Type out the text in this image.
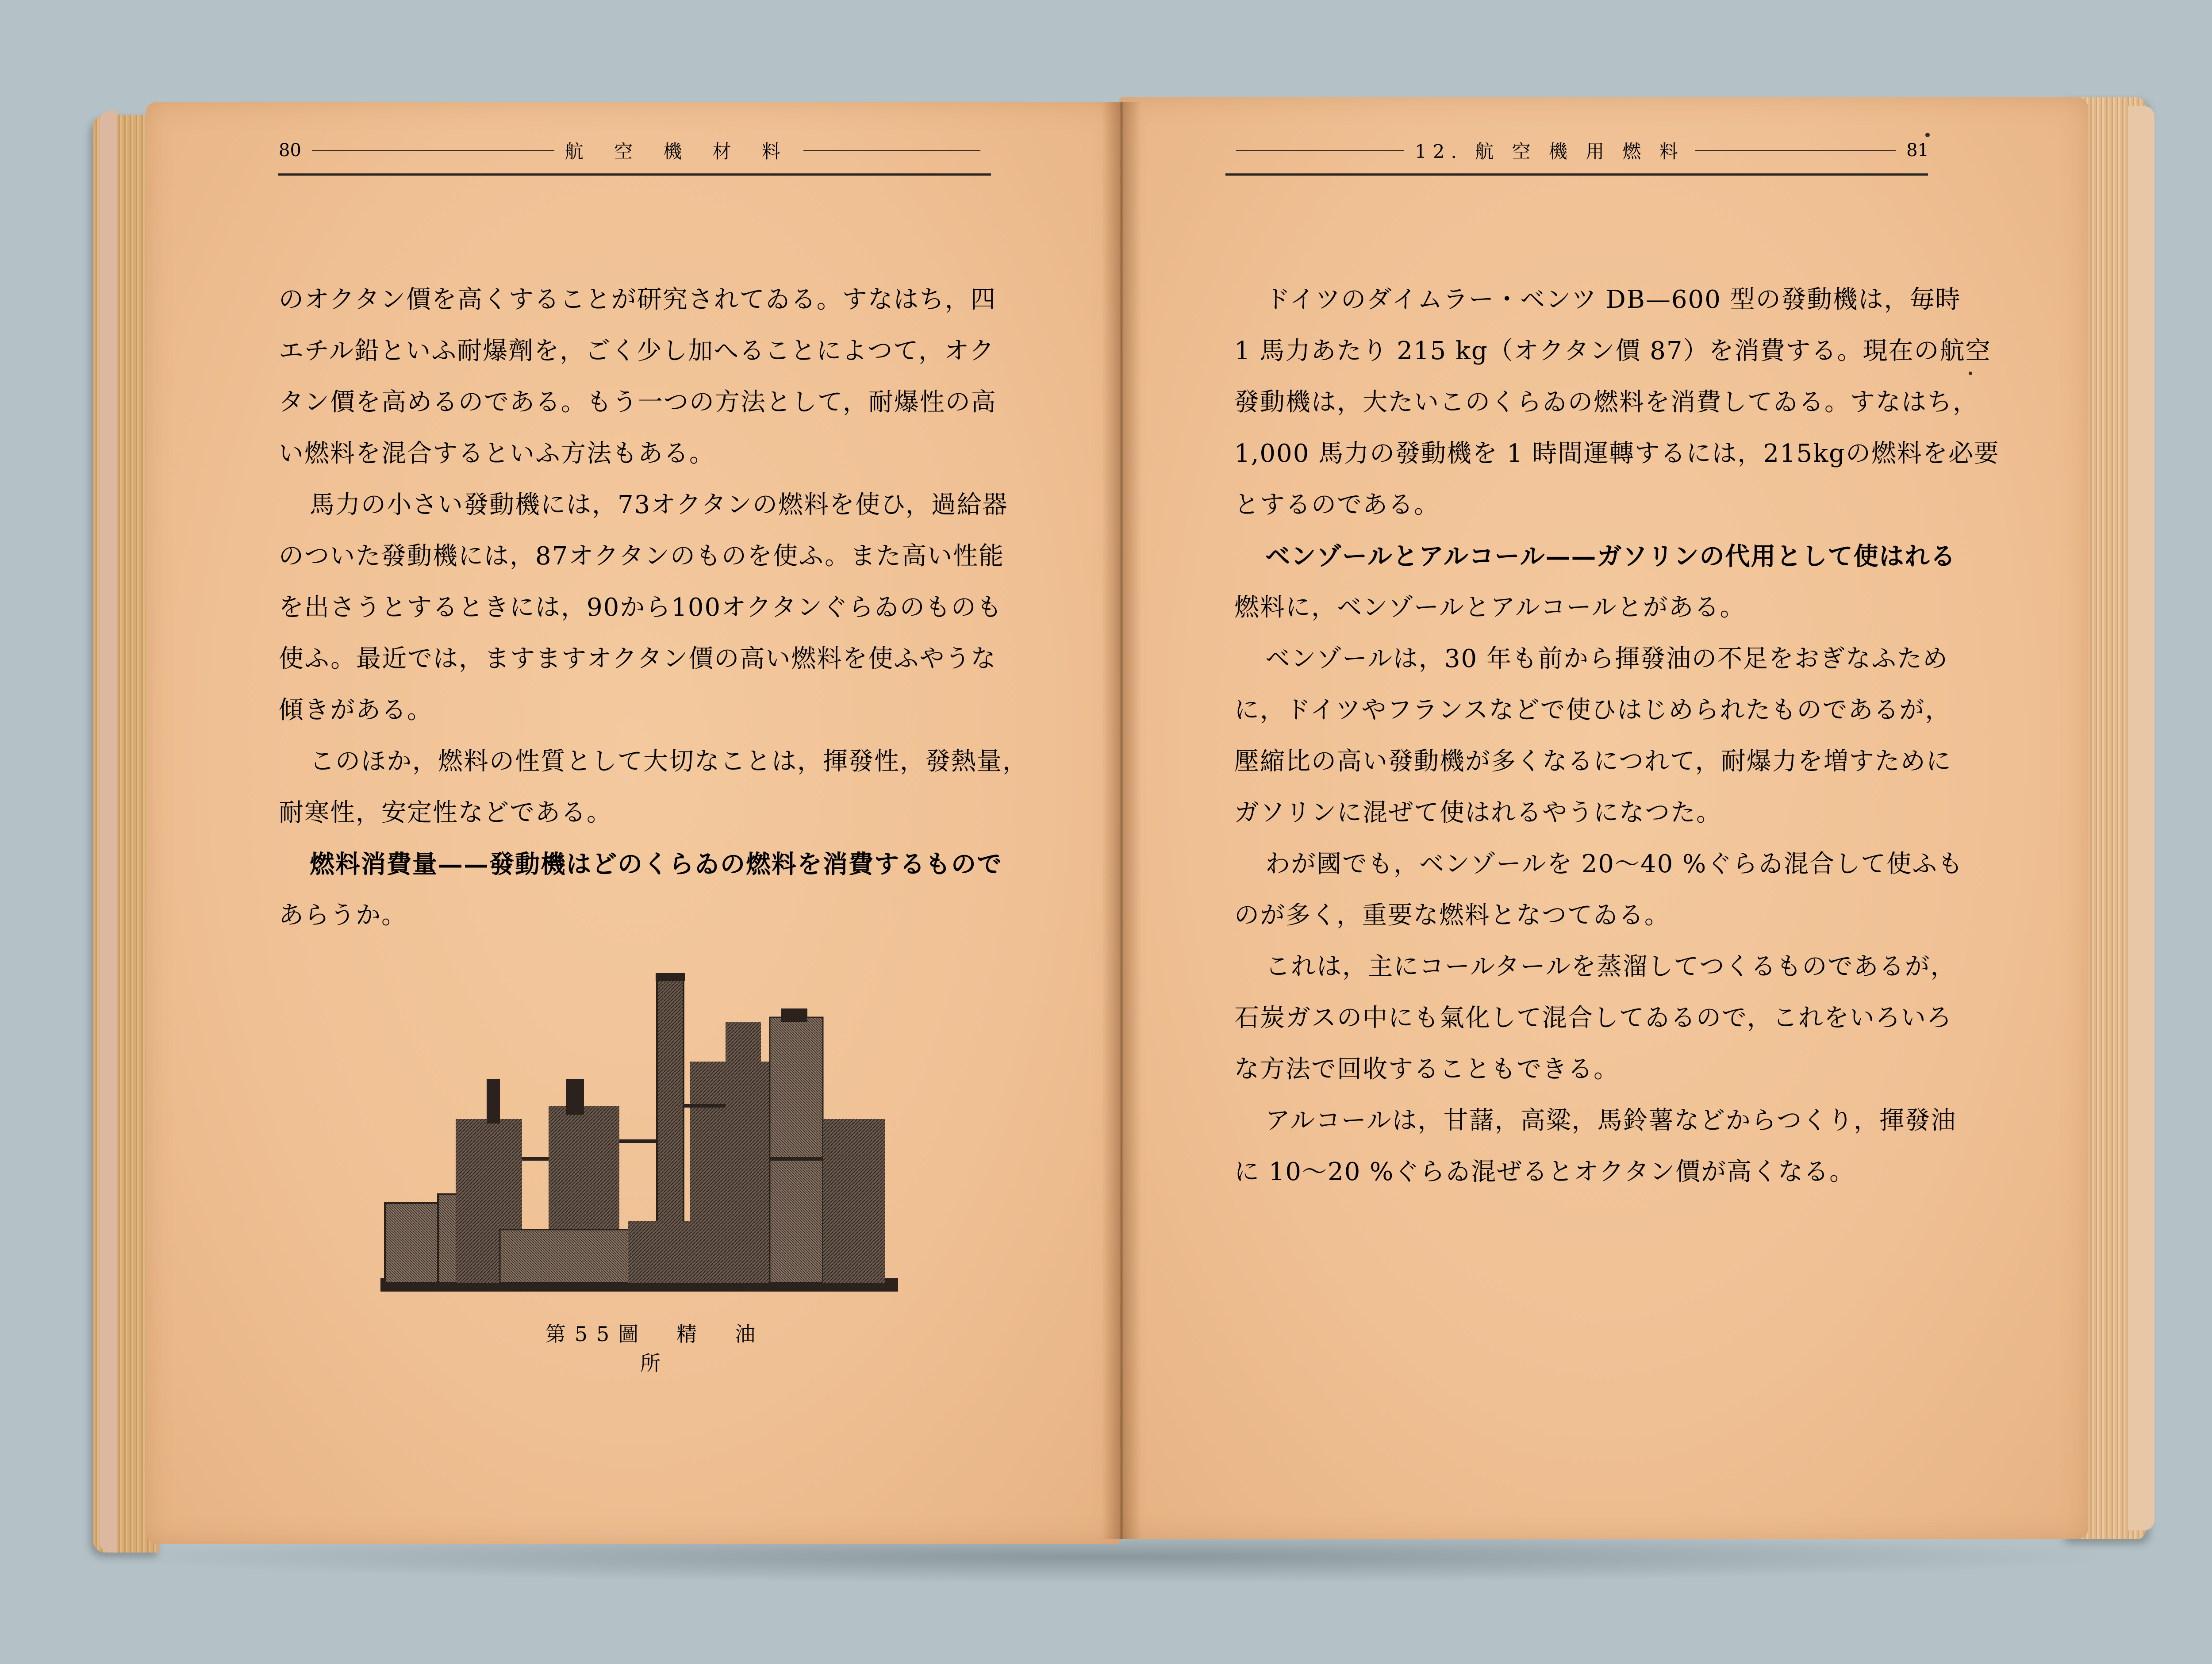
80	航 空 機 材 料	12. 航 空 機 用 燃 料	81
のオクタン價を高くすることが研究されてゐる。すなはち，四
エチル鉛といふ耐爆劑を，ごく少し加へることによつて，オク
タン價を高めるのである。もう一つの方法として，耐爆性の高
い燃料を混合するといふ方法もある。
馬力の小さい發動機には，73オクタンの燃料を使ひ，過給器
のついた發動機には，87オクタンのものを使ふ。また高い性能
を出さうとするときには，90から100オクタンぐらゐのものも
使ふ。最近では，ますますオクタン價の高い燃料を使ふやうな
傾きがある。
このほか，燃料の性質として大切なことは，揮發性，發熱量，
耐寒性，安定性などである。
燃料消費量——發動機はどのくらゐの燃料を消費するもので
あらうか。
第55圖　精　油　所
ドイツのダイムラー・ベンツ DB—600 型の發動機は，毎時
1 馬力あたり 215 kg（オクタン價 87）を消費する。現在の航空
發動機は，大たいこのくらゐの燃料を消費してゐる。すなはち，
1,000 馬力の發動機を 1 時間運轉するには，215kgの燃料を必要
とするのである。
ベンゾールとアルコール——ガソリンの代用として使はれる
燃料に，ベンゾールとアルコールとがある。
ベンゾールは，30 年も前から揮發油の不足をおぎなふため
に，ドイツやフランスなどで使ひはじめられたものであるが，
壓縮比の高い發動機が多くなるにつれて，耐爆力を増すために
ガソリンに混ぜて使はれるやうになつた。
わが國でも，ベンゾールを 20〜40 %ぐらゐ混合して使ふも
のが多く，重要な燃料となつてゐる。
これは，主にコールタールを蒸溜してつくるものであるが，
石炭ガスの中にも氣化して混合してゐるので，これをいろいろ
な方法で回收することもできる。
アルコールは，甘藷，高粱，馬鈴薯などからつくり，揮發油
に 10〜20 %ぐらゐ混ぜるとオクタン價が高くなる。
